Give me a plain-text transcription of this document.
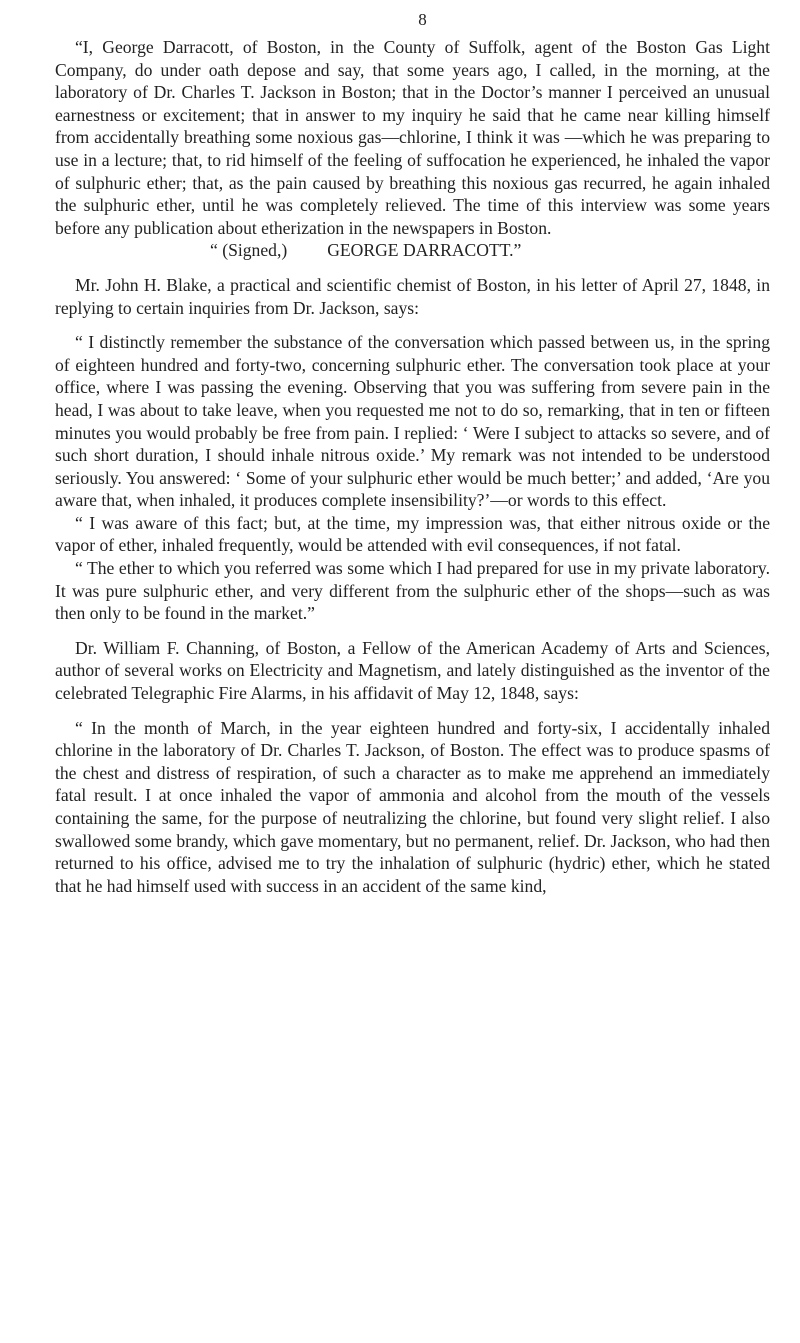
8

“I, George Darracott, of Boston, in the County of Suffolk, agent of the Boston Gas Light Company, do under oath depose and say, that some years ago, I called, in the morning, at the laboratory of Dr. Charles T. Jackson in Boston; that in the Doctor’s manner I perceived an unusual earnestness or excitement; that in answer to my inquiry he said that he came near killing himself from accidentally breathing some noxious gas—chlorine, I think it was —which he was preparing to use in a lecture; that, to rid himself of the feeling of suffocation he experienced, he inhaled the vapor of sulphuric ether; that, as the pain caused by breathing this noxious gas recurred, he again inhaled the sulphuric ether, until he was completely relieved. The time of this interview was some years before any publication about etherization in the newspapers in Boston.

“ (Signed,) GEORGE DARRACOTT.”

Mr. John H. Blake, a practical and scientific chemist of Boston, in his letter of April 27, 1848, in replying to certain inquiries from Dr. Jackson, says:

“ I distinctly remember the substance of the conversation which passed between us, in the spring of eighteen hundred and forty-two, concerning sulphuric ether. The conversation took place at your office, where I was passing the evening. Observing that you was suffering from severe pain in the head, I was about to take leave, when you requested me not to do so, remarking, that in ten or fifteen minutes you would probably be free from pain. I replied: ‘ Were I subject to attacks so severe, and of such short duration, I should inhale nitrous oxide.’ My remark was not intended to be understood seriously. You answered: ‘ Some of your sulphuric ether would be much better;’ and added, ‘Are you aware that, when inhaled, it produces complete insensibility?’—or words to this effect.

“ I was aware of this fact; but, at the time, my impression was, that either nitrous oxide or the vapor of ether, inhaled frequently, would be attended with evil consequences, if not fatal.

“ The ether to which you referred was some which I had prepared for use in my private laboratory. It was pure sulphuric ether, and very different from the sulphuric ether of the shops—such as was then only to be found in the market.”

Dr. William F. Channing, of Boston, a Fellow of the American Academy of Arts and Sciences, author of several works on Electricity and Magnetism, and lately distinguished as the inventor of the celebrated Telegraphic Fire Alarms, in his affidavit of May 12, 1848, says:

“ In the month of March, in the year eighteen hundred and forty-six, I accidentally inhaled chlorine in the laboratory of Dr. Charles T. Jackson, of Boston. The effect was to produce spasms of the chest and distress of respiration, of such a character as to make me apprehend an immediately fatal result. I at once inhaled the vapor of ammonia and alcohol from the mouth of the vessels containing the same, for the purpose of neutralizing the chlorine, but found very slight relief. I also swallowed some brandy, which gave momentary, but no permanent, relief. Dr. Jackson, who had then returned to his office, advised me to try the inhalation of sulphuric (hydric) ether, which he stated that he had himself used with success in an accident of the same kind,
